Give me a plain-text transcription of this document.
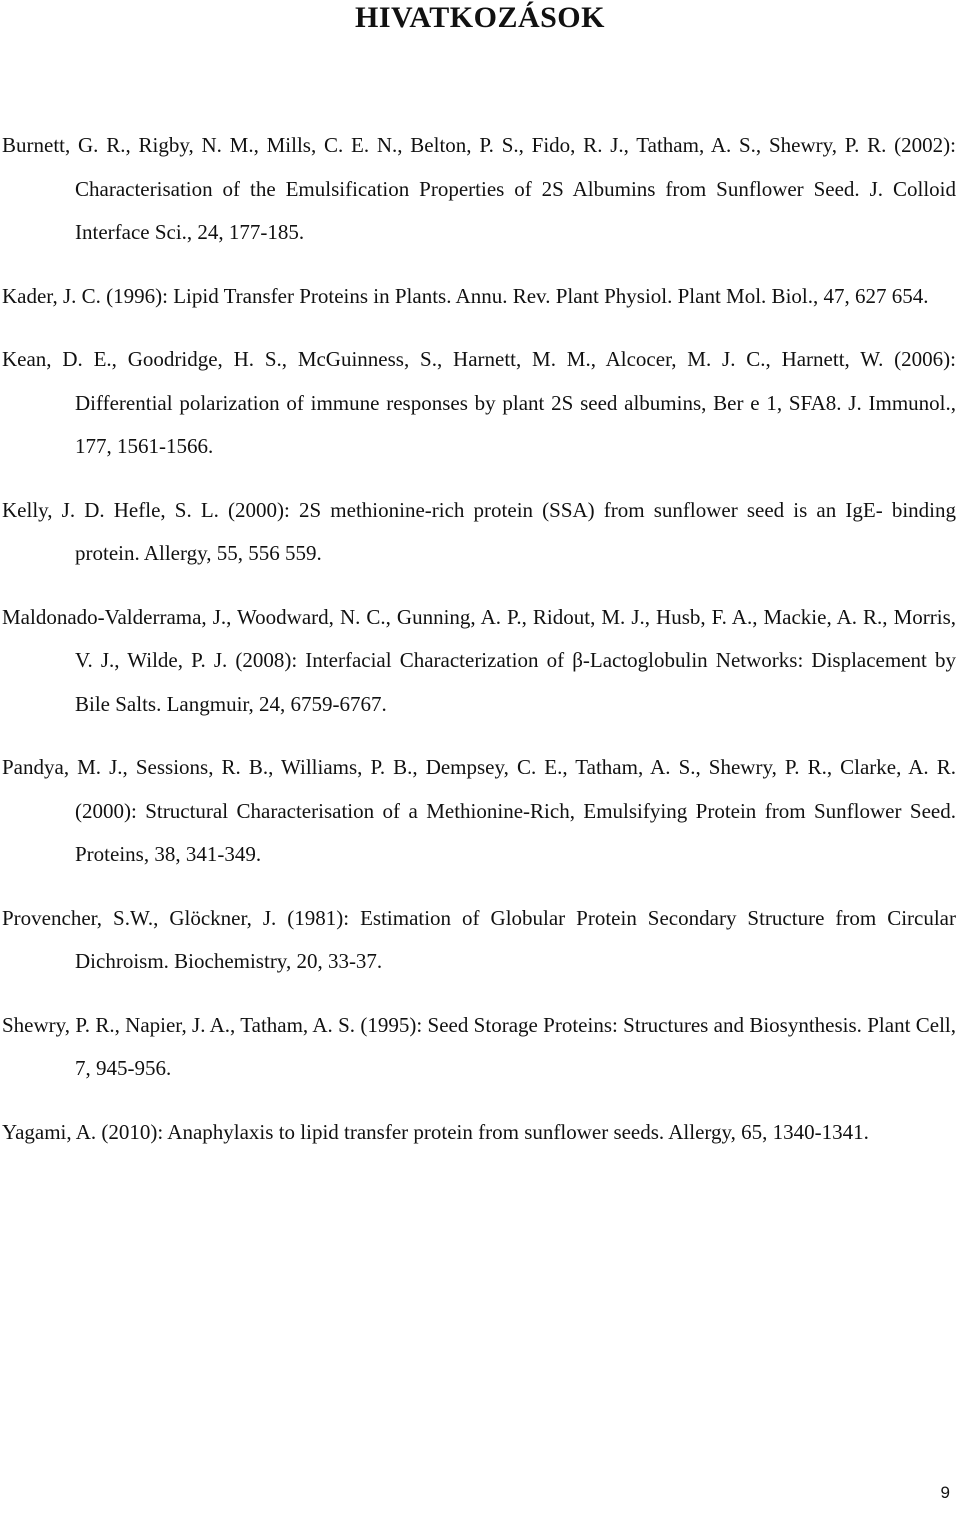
HIVATKOZÁSOK
Burnett, G. R., Rigby, N. M., Mills, C. E. N., Belton, P. S., Fido, R. J., Tatham, A. S., Shewry, P. R. (2002): Characterisation of the Emulsification Properties of 2S Albumins from Sunflower Seed. J. Colloid Interface Sci., 24, 177-185.
Kader, J. C. (1996): Lipid Transfer Proteins in Plants. Annu. Rev. Plant Physiol. Plant Mol. Biol., 47, 627 654.
Kean, D. E., Goodridge, H. S., McGuinness, S., Harnett, M. M., Alcocer, M. J. C., Harnett, W. (2006): Differential polarization of immune responses by plant 2S seed albumins, Ber e 1, SFA8. J. Immunol., 177, 1561-1566.
Kelly, J. D. Hefle, S. L. (2000): 2S methionine-rich protein (SSA) from sunflower seed is an IgE- binding protein. Allergy, 55, 556 559.
Maldonado-Valderrama, J., Woodward, N. C., Gunning, A. P., Ridout, M. J., Husb, F. A., Mackie, A. R., Morris, V. J., Wilde, P. J. (2008): Interfacial Characterization of β-Lactoglobulin Networks: Displacement by Bile Salts. Langmuir, 24, 6759-6767.
Pandya, M. J., Sessions, R. B., Williams, P. B., Dempsey, C. E., Tatham, A. S., Shewry, P. R., Clarke, A. R. (2000): Structural Characterisation of a Methionine-Rich, Emulsifying Protein from Sunflower Seed. Proteins, 38, 341-349.
Provencher, S.W., Glöckner, J. (1981): Estimation of Globular Protein Secondary Structure from Circular Dichroism. Biochemistry, 20, 33-37.
Shewry, P. R., Napier, J. A., Tatham, A. S. (1995): Seed Storage Proteins: Structures and Biosynthesis. Plant Cell, 7, 945-956.
Yagami, A. (2010): Anaphylaxis to lipid transfer protein from sunflower seeds. Allergy, 65, 1340-1341.
9
